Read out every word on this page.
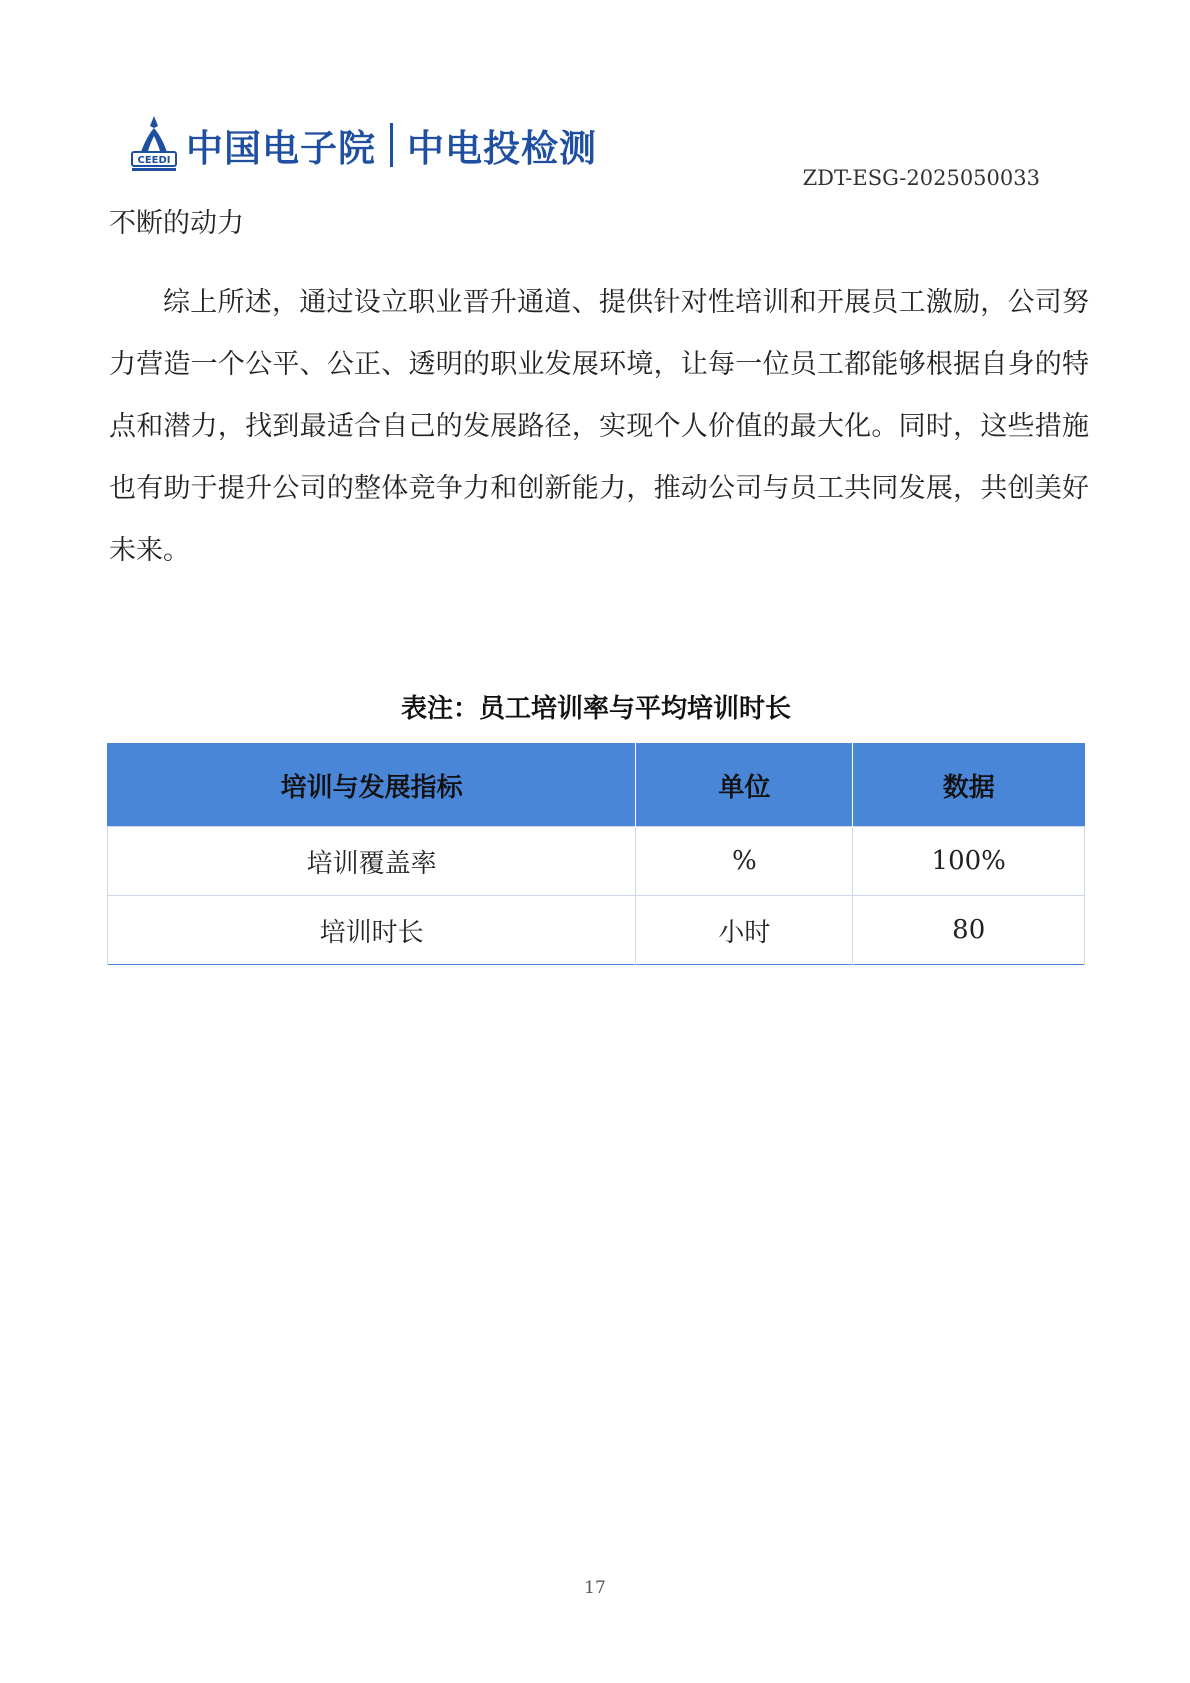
CEEDI 中国电子院 中电投检测
ZDT-ESG-2025050033
不断的动力
综上所述，通过设立职业晋升通道、提供针对性培训和开展员工激励，公司努力营造一个公平、公正、透明的职业发展环境，让每一位员工都能够根据自身的特点和潜力，找到最适合自己的发展路径，实现个人价值的最大化。同时，这些措施也有助于提升公司的整体竞争力和创新能力，推动公司与员工共同发展，共创美好未来。
表注：员工培训率与平均培训时长
培训与发展指标	单位	数据
培训覆盖率	%	100%
培训时长	小时	80
17
